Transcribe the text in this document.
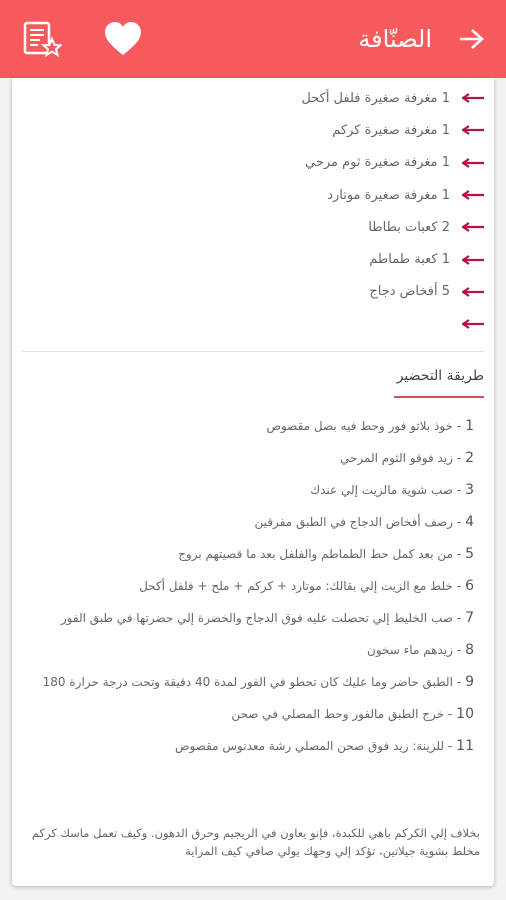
الصنّافة
1 مغرفة صغيرة فلفل أكحل
1 مغرفة صغيرة كركم
1 مغرفة صغيرة ثوم مرحي
1 مغرفة صغيرة موتارد
2 كعبات بطاطا
1 كعبة طماطم
5 أفخاض دجاج
طريقة التحضير
1- خوذ بلاتو فور وحط فيه بصل مقصوص
2- زيد فوقو الثوم المرحي
3- صب شوية مالزيت إلي عندك
4- رصف أفخاض الدجاج في الطبق مفرقين
5- من بعد كمل حط الطماطم والفلفل بعد ما قصيتهم بروج
6- خلط مع الزيت إلي بقالك: موتارد + كركم + ملح + فلفل أكحل
7- صب الخليط إلي تحصلت عليه فوق الدجاج والخضرة إلي حضرتها في طبق الفور
8- زيدهم ماء سخون
9- الطبق حاضر وما عليك كان تحطو في الفور لمدة 40 دقيقة وتحت درجة حرارة 180
10- خرج الطبق مالفور وحط المصلي في صحن
11- للزينة: زيد فوق صحن المصلي رشة معدنوس مقصوص
بخلاف إلي الكركم باهي للكبدة، فإنو يعاون في الريجيم وحرق الدهون. وكيف تعمل ماسك كركم مخلط بشوية جيلاتين، تؤكد إلي وجهك يولي صافي كيف المراية
